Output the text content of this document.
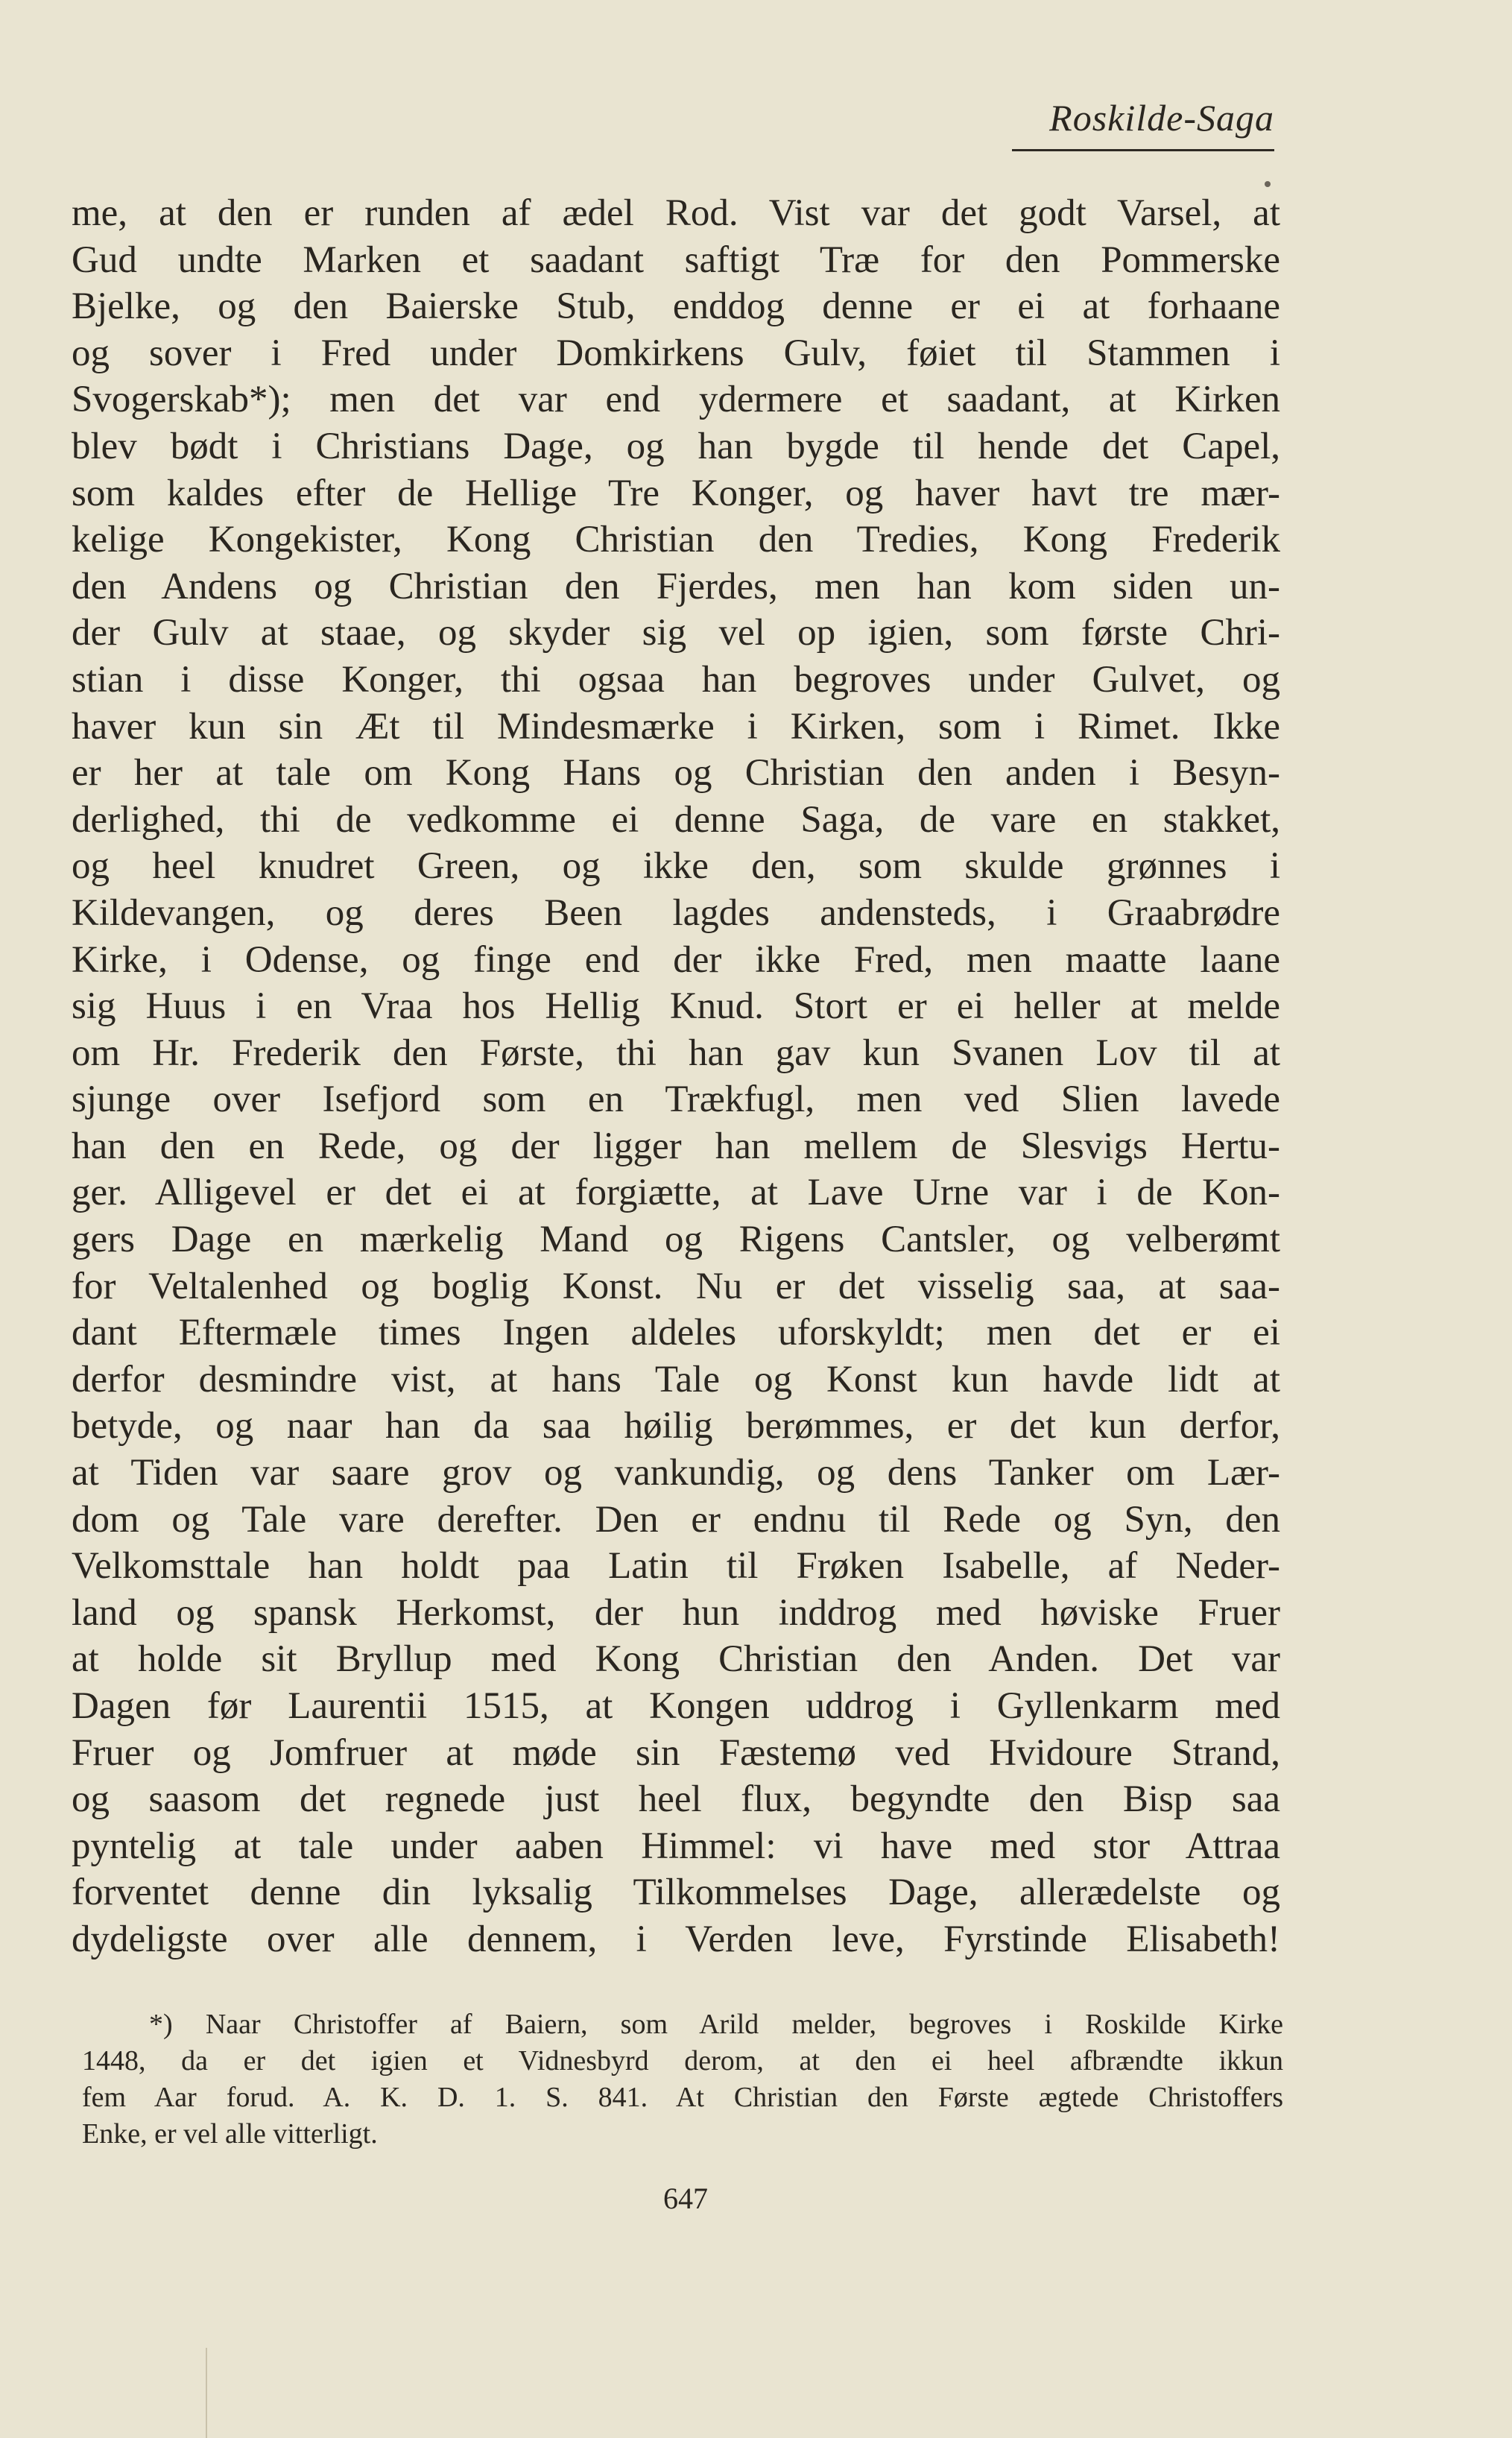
Roskilde-Saga
me, at den er runden af ædel Rod. Vist var det godt Varsel, at
Gud undte Marken et saadant saftigt Træ for den Pommerske
Bjelke, og den Baierske Stub, enddog denne er ei at forhaane
og sover i Fred under Domkirkens Gulv, føiet til Stammen i
Svogerskab*); men det var end ydermere et saadant, at Kirken
blev bødt i Christians Dage, og han bygde til hende det Capel,
som kaldes efter de Hellige Tre Konger, og haver havt tre mær-
kelige Kongekister, Kong Christian den Tredies, Kong Frederik
den Andens og Christian den Fjerdes, men han kom siden un-
der Gulv at staae, og skyder sig vel op igien, som første Chri-
stian i disse Konger, thi ogsaa han begroves under Gulvet, og
haver kun sin Æt til Mindesmærke i Kirken, som i Rimet. Ikke
er her at tale om Kong Hans og Christian den anden i Besyn-
derlighed, thi de vedkomme ei denne Saga, de vare en stakket,
og heel knudret Green, og ikke den, som skulde grønnes i
Kildevangen, og deres Been lagdes andensteds, i Graabrødre
Kirke, i Odense, og finge end der ikke Fred, men maatte laane
sig Huus i en Vraa hos Hellig Knud. Stort er ei heller at melde
om Hr. Frederik den Første, thi han gav kun Svanen Lov til at
sjunge over Isefjord som en Trækfugl, men ved Slien lavede
han den en Rede, og der ligger han mellem de Slesvigs Hertu-
ger. Alligevel er det ei at forgiætte, at Lave Urne var i de Kon-
gers Dage en mærkelig Mand og Rigens Cantsler, og velberømt
for Veltalenhed og boglig Konst. Nu er det visselig saa, at saa-
dant Eftermæle times Ingen aldeles uforskyldt; men det er ei
derfor desmindre vist, at hans Tale og Konst kun havde lidt at
betyde, og naar han da saa høilig berømmes, er det kun derfor,
at Tiden var saare grov og vankundig, og dens Tanker om Lær-
dom og Tale vare derefter. Den er endnu til Rede og Syn, den
Velkomsttale han holdt paa Latin til Frøken Isabelle, af Neder-
land og spansk Herkomst, der hun inddrog med høviske Fruer
at holde sit Bryllup med Kong Christian den Anden. Det var
Dagen før Laurentii 1515, at Kongen uddrog i Gyllenkarm med
Fruer og Jomfruer at møde sin Fæstemø ved Hvidoure Strand,
og saasom det regnede just heel flux, begyndte den Bisp saa
pyntelig at tale under aaben Himmel: vi have med stor Attraa
forventet denne din lyksalig Tilkommelses Dage, allerædelste og
dydeligste over alle dennem, i Verden leve, Fyrstinde Elisabeth!
*) Naar Christoffer af Baiern, som Arild melder, begroves i Roskilde Kirke
1448, da er det igien et Vidnesbyrd derom, at den ei heel afbrændte ikkun
fem Aar forud. A. K. D. 1. S. 841. At Christian den Første ægtede Christoffers
Enke, er vel alle vitterligt.
647
